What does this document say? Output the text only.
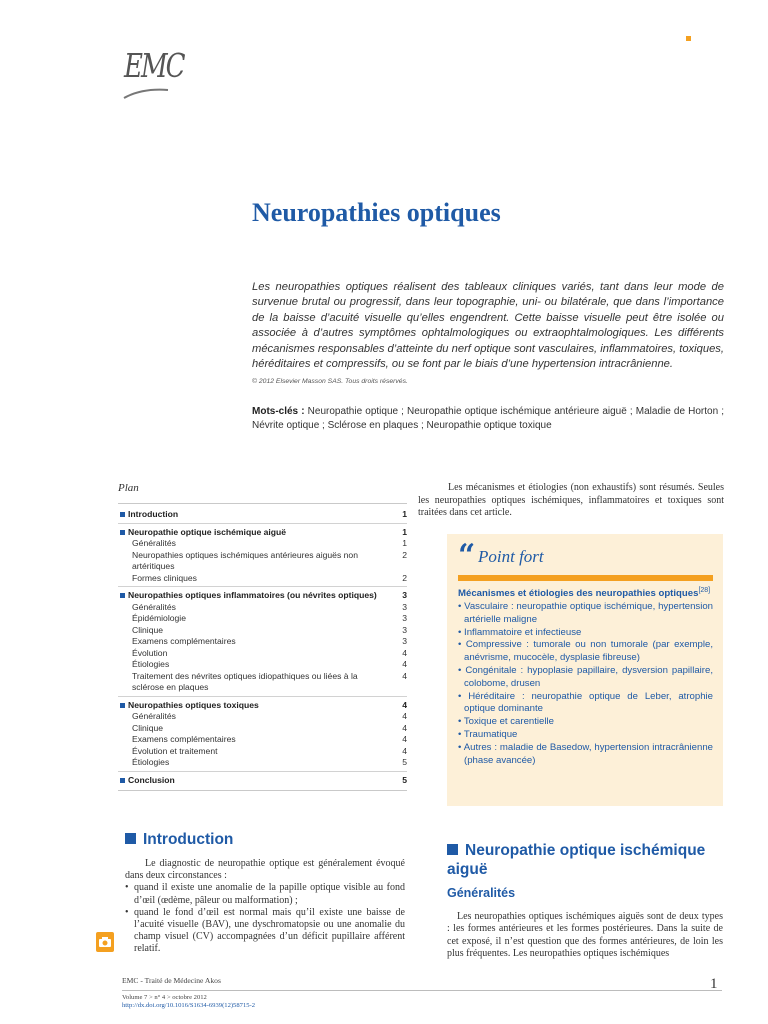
EMC
Neuropathies optiques
Les neuropathies optiques réalisent des tableaux cliniques variés, tant dans leur mode de survenue brutal ou progressif, dans leur topographie, uni- ou bilatérale, que dans l’importance de la baisse d’acuité visuelle qu’elles engendrent. Cette baisse visuelle peut être isolée ou associée à d’autres symptômes ophtalmologiques ou extraophtalmologiques. Les différents mécanismes responsables d’atteinte du nerf optique sont vasculaires, inflammatoires, toxiques, héréditaires et compressifs, ou se font par le biais d’une hypertension intracrânienne.
© 2012 Elsevier Masson SAS. Tous droits réservés.
Mots-clés : Neuropathie optique ; Neuropathie optique ischémique antérieure aiguë ; Maladie de Horton ; Névrite optique ; Sclérose en plaques ; Neuropathie optique toxique
Plan
Introduction	1
Neuropathie optique ischémique aiguë	1
Généralités	1
Neuropathies optiques ischémiques antérieures aiguës non artéritiques
2
Formes cliniques	2
Neuropathies optiques inflammatoires (ou névrites optiques)	3
Généralités	3
Épidémiologie	3
Clinique	3
Examens complémentaires	3
Évolution	4
Étiologies	4
Traitement des névrites optiques idiopathiques ou liées à la sclérose en plaques
4
Neuropathies optiques toxiques	4
Généralités	4
Clinique	4
Examens complémentaires	4
Évolution et traitement	4
Étiologies	5
Conclusion	5
Les mécanismes et étiologies (non exhaustifs) sont résumés. Seules les neuropathies optiques ischémiques, inflammatoires et toxiques sont traitées dans cet article.
“ Point fort
Mécanismes et étiologies des neuropathies optiques[28]
• Vasculaire : neuropathie optique ischémique, hypertension artérielle maligne
• Inflammatoire et infectieuse
• Compressive : tumorale ou non tumorale (par exemple, anévrisme, mucocèle, dysplasie fibreuse)
• Congénitale : hypoplasie papillaire, dysversion papillaire, colobome, drusen
• Héréditaire : neuropathie optique de Leber, atrophie optique dominante
• Toxique et carentielle
• Traumatique
• Autres : maladie de Basedow, hypertension intracrânienne (phase avancée)
Introduction
Le diagnostic de neuropathie optique est généralement évoqué dans deux circonstances :
• quand il existe une anomalie de la papille optique visible au fond d’œil (œdème, pâleur ou malformation) ;
• quand le fond d’œil est normal mais qu’il existe une baisse de l’acuité visuelle (BAV), une dyschromatopsie ou une anomalie du champ visuel (CV) accompagnées d’un déficit pupillaire afférent relatif.
Neuropathie optique ischémique aiguë
Généralités
Les neuropathies optiques ischémiques aiguës sont de deux types : les formes antérieures et les formes postérieures. Dans la suite de cet exposé, il n’est question que des formes antérieures, de loin les plus fréquentes. Les neuropathies optiques ischémiques
EMC - Traité de Médecine Akos
Volume 7 > n° 4 > octobre 2012
http://dx.doi.org/10.1016/S1634-6939(12)58715-2
1
